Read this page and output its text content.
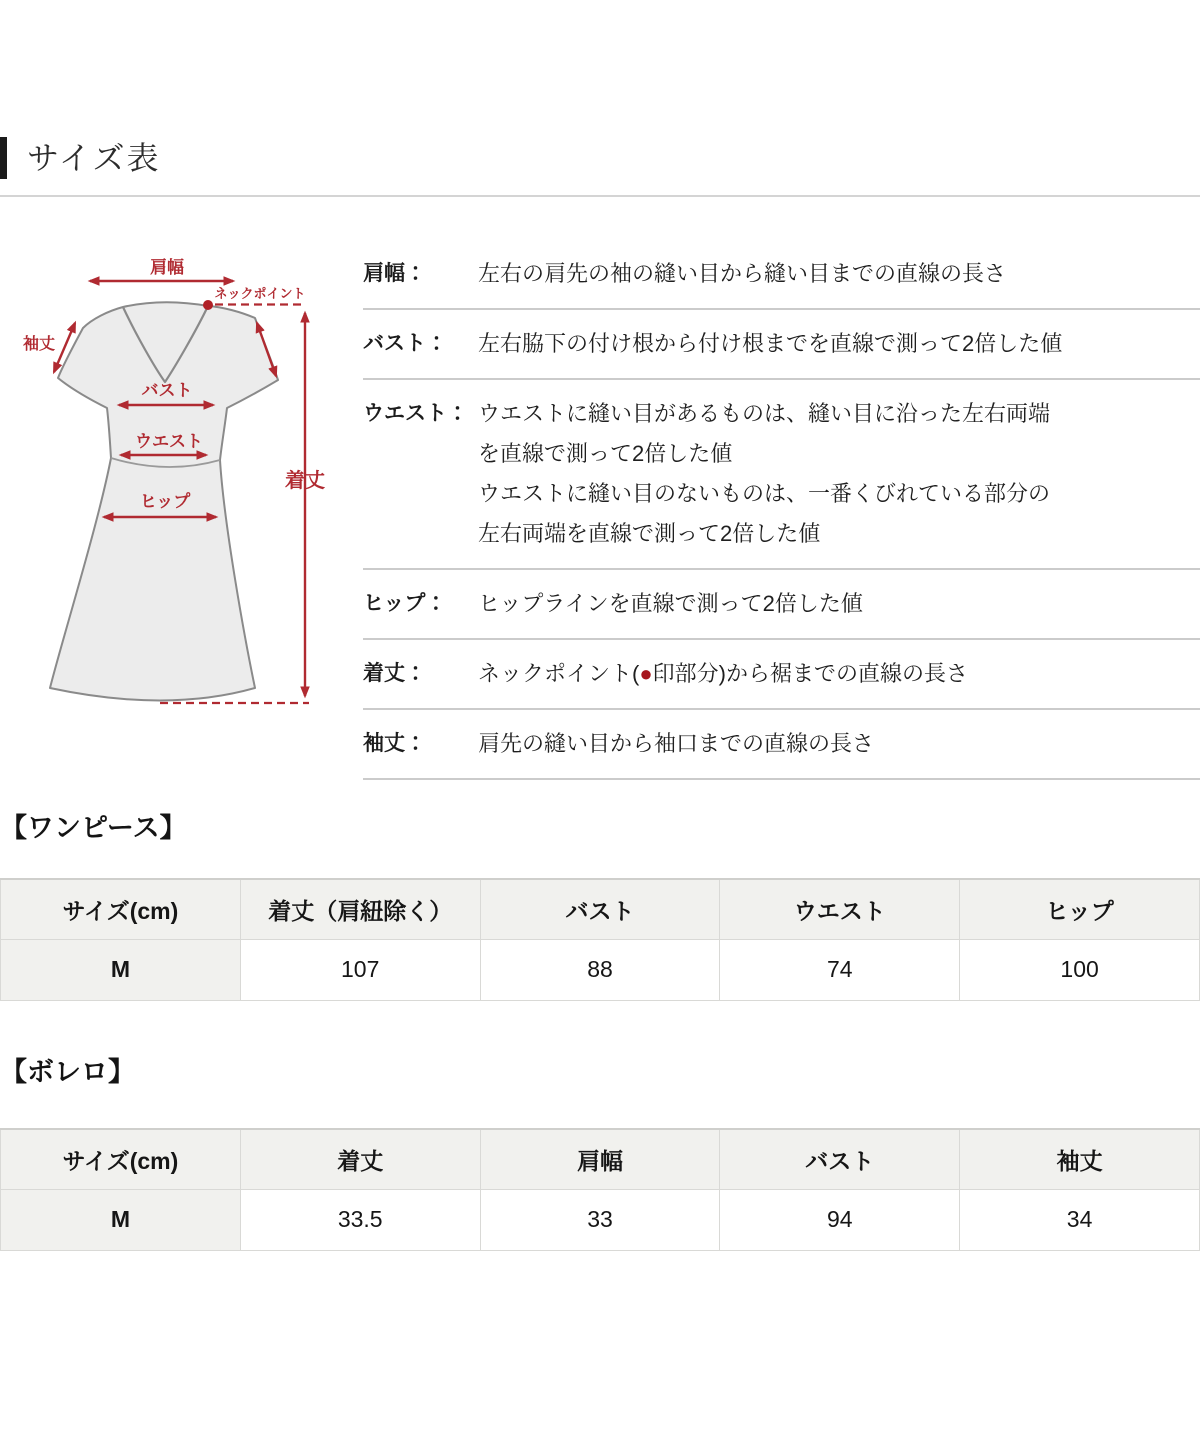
サイズ表
肩幅
ネックポイント
袖丈
バスト
ウエスト
ヒップ
着丈
肩幅：	左右の肩先の袖の縫い目から縫い目までの直線の長さ
バスト：	左右脇下の付け根から付け根までを直線で測って2倍した値
ウエスト： ウエストに縫い目があるものは、縫い目に沿った左右両端
を直線で測って2倍した値
ウエストに縫い目のないものは、一番くびれている部分の
左右両端を直線で測って2倍した値
ヒップ：	ヒップラインを直線で測って2倍した値
着丈：	ネックポイント(●印部分)から裾までの直線の長さ
袖丈：	肩先の縫い目から袖口までの直線の長さ
【ワンピース】
サイズ(cm)	着丈（肩紐除く）	バスト	ウエスト	ヒップ
M	107	88	74	100
【ボレロ】
サイズ(cm)	着丈	肩幅	バスト	袖丈
M	33.5	33	94	34
